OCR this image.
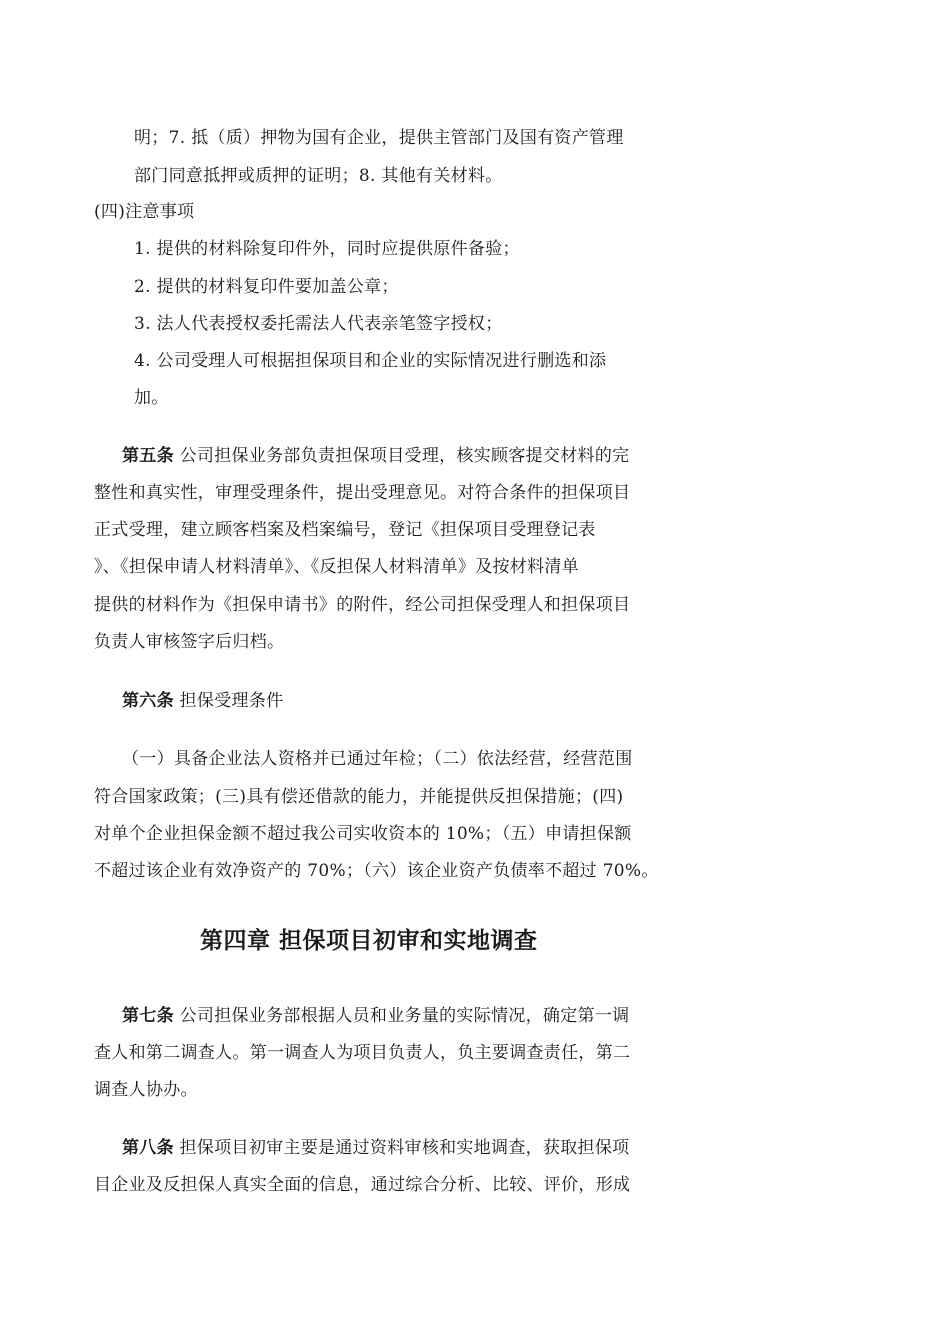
明；7. 抵（质）押物为国有企业，提供主管部门及国有资产管理
部门同意抵押或质押的证明；8. 其他有关材料。
(四)注意事项
1. 提供的材料除复印件外，同时应提供原件备验；
2. 提供的材料复印件要加盖公章；
3. 法人代表授权委托需法人代表亲笔签字授权；
4. 公司受理人可根据担保项目和企业的实际情况进行删选和添
加。
第五条 公司担保业务部负责担保项目受理，核实顾客提交材料的完
整性和真实性，审理受理条件，提出受理意见。对符合条件的担保项目
正式受理，建立顾客档案及档案编号，登记《担保项目受理登记表
》、《担保申请人材料清单》、《反担保人材料清单》及按材料清单
提供的材料作为《担保申请书》的附件，经公司担保受理人和担保项目
负责人审核签字后归档。
第六条 担保受理条件
（一）具备企业法人资格并已通过年检；（二）依法经营，经营范围
符合国家政策；(三)具有偿还借款的能力，并能提供反担保措施；(四)
对单个企业担保金额不超过我公司实收资本的 10%；（五）申请担保额
不超过该企业有效净资产的 70%；（六）该企业资产负债率不超过 70%。
第四章 担保项目初审和实地调查
第七条 公司担保业务部根据人员和业务量的实际情况，确定第一调
查人和第二调查人。第一调查人为项目负责人，负主要调查责任，第二
调查人协办。
第八条 担保项目初审主要是通过资料审核和实地调查，获取担保项
目企业及反担保人真实全面的信息，通过综合分析、比较、评价，形成
